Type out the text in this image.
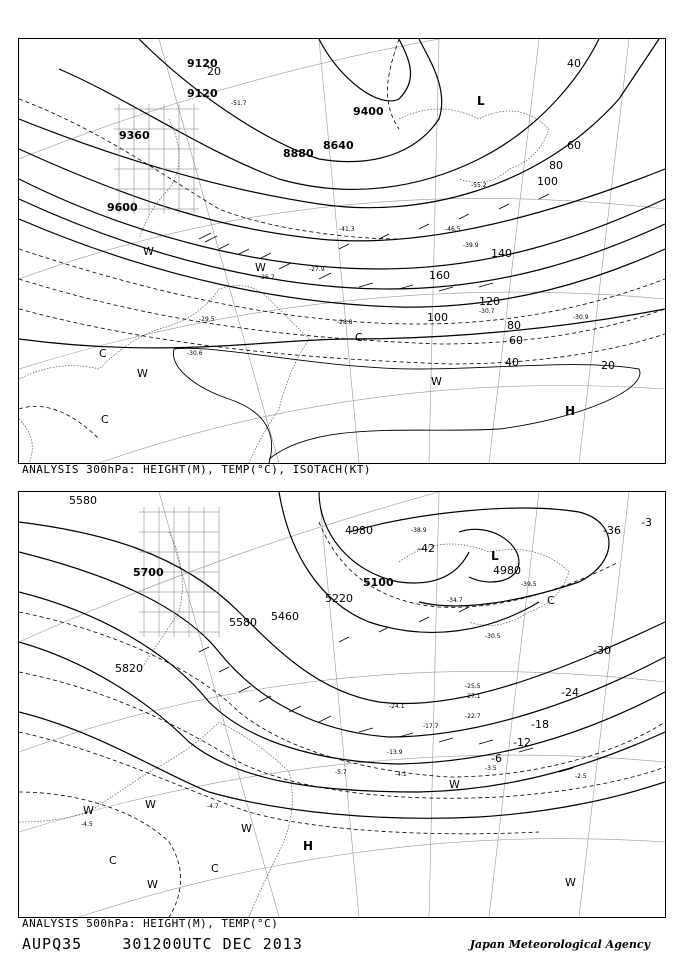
9120
9120
9360
9600
8880
8640
9400
20
40
60
80
100
120
140
160
20
40
60
80
100
-30.6
-29.5	-28.8
-26.7
-27.9
-41.3	-46.5
-55.2
-30.7
-30.9
-39.9
-51.7	L
H
C
C
C
W
W
W
W
ANALYSIS 300hPa: HEIGHT(M), TEMP(°C), ISOTACH(KT)
5580
5700
4980
5100
5220
5460
5580
5820
4980
-42
-36
-30
-24
-18
-12
-6
-3
-34.7
-30.5
-25.5
-22.7
-17.7
-13.9
-5.7	-4.1
-3.5
-2.5
-4.7
-4.5
-39.5
-38.9
-27.1
-24.1
L
H
C
C
C
W	W
W
W
W
W
ANALYSIS 500hPa: HEIGHT(M), TEMP(°C)
AUPQ35	301200UTC DEC 2013	Japan Meteorological Agency
